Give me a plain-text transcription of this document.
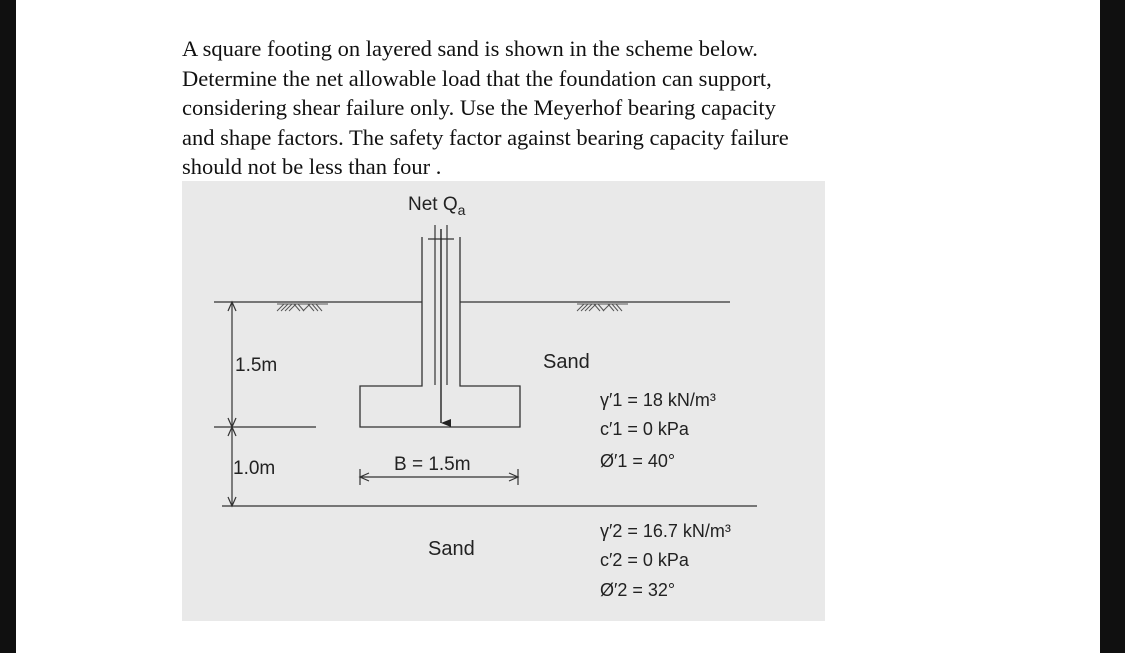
A square footing on layered sand is shown in the scheme below.
Determine the net allowable load that the foundation can support,
considering shear failure only. Use the Meyerhof bearing capacity
and shape factors. The safety factor against bearing capacity failure
should not be less than four .
Net $Q_a$
1.5m
1.0m	B = 1.5m
Sand
γ′1 = 18 kN/m³
c′1 = 0 kPa
Ø′1 = 40°
Sand
γ′2 = 16.7 kN/m³
c′2 = 0 kPa
Ø′2 = 32°
